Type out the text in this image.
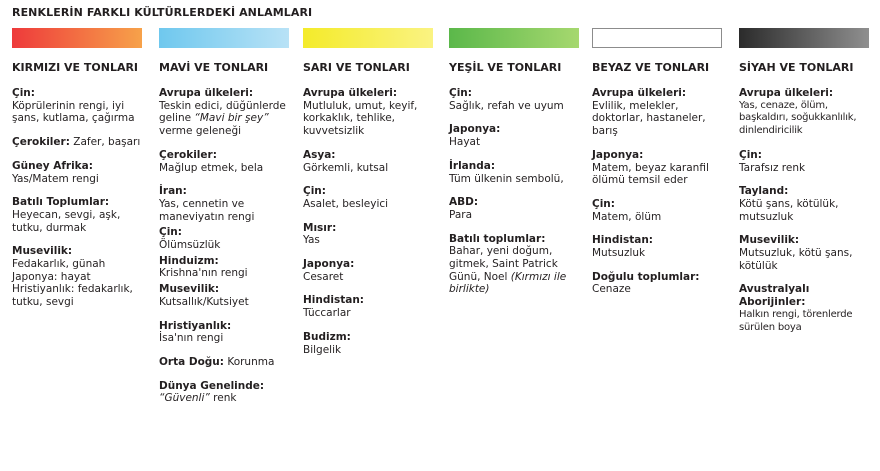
RENKLERİN FARKLI KÜLTÜRLERDEKİ ANLAMLARI
KIRMIZI VE TONLARI
Çin:
Köprülerinin rengi, iyi şans, kutlama, çağırma
Çerokiler: Zafer, başarı
Güney Afrika:
Yas/Matem rengi
Batılı Toplumlar:
Heyecan, sevgi, aşk, tutku, durmak
Musevilik:
Fedakarlık, günah
Japonya: hayat
Hristiyanlık: fedakarlık, tutku, sevgi
MAVİ VE TONLARI
Avrupa ülkeleri:
Teskin edici, düğünlerde geline “Mavi bir şey” verme geleneği
Çerokiler:
Mağlup etmek, bela
İran:
Yas, cennetin ve maneviyatın rengi
Çin:
Ölümsüzlük
Hinduizm:
Krishna'nın rengi
Musevilik:
Kutsallık/Kutsiyet
Hristiyanlık:
İsa'nın rengi
Orta Doğu: Korunma
Dünya Genelinde:
“Güvenli” renk
SARI VE TONLARI
Avrupa ülkeleri:
Mutluluk, umut, keyif, korkaklık, tehlike, kuvvetsizlik
Asya:
Görkemli, kutsal
Çin:
Asalet, besleyici
Mısır:
Yas
Japonya:
Cesaret
Hindistan:
Tüccarlar
Budizm:
Bilgelik
YEŞİL VE TONLARI
Çin:
Sağlık, refah ve uyum
Japonya:
Hayat
İrlanda:
Tüm ülkenin sembolü,
ABD:
Para
Batılı toplumlar:
Bahar, yeni doğum, gitmek, Saint Patrick Günü, Noel (Kırmızı ile birlikte)
BEYAZ VE TONLARI
Avrupa ülkeleri:
Evlilik, melekler, doktorlar, hastaneler, barış
Japonya:
Matem, beyaz karanfil ölümü temsil eder
Çin:
Matem, ölüm
Hindistan:
Mutsuzluk
Doğulu toplumlar:
Cenaze
SİYAH VE TONLARI
Avrupa ülkeleri:
Yas, cenaze, ölüm, başkaldırı, soğukkanlılık, dinlendiricilik
Çin:
Tarafsız renk
Tayland:
Kötü şans, kötülük, mutsuzluk
Musevilik:
Mutsuzluk, kötü şans, kötülük
Avustralyalı Aborijinler:
Halkın rengi, törenlerde sürülen boya
